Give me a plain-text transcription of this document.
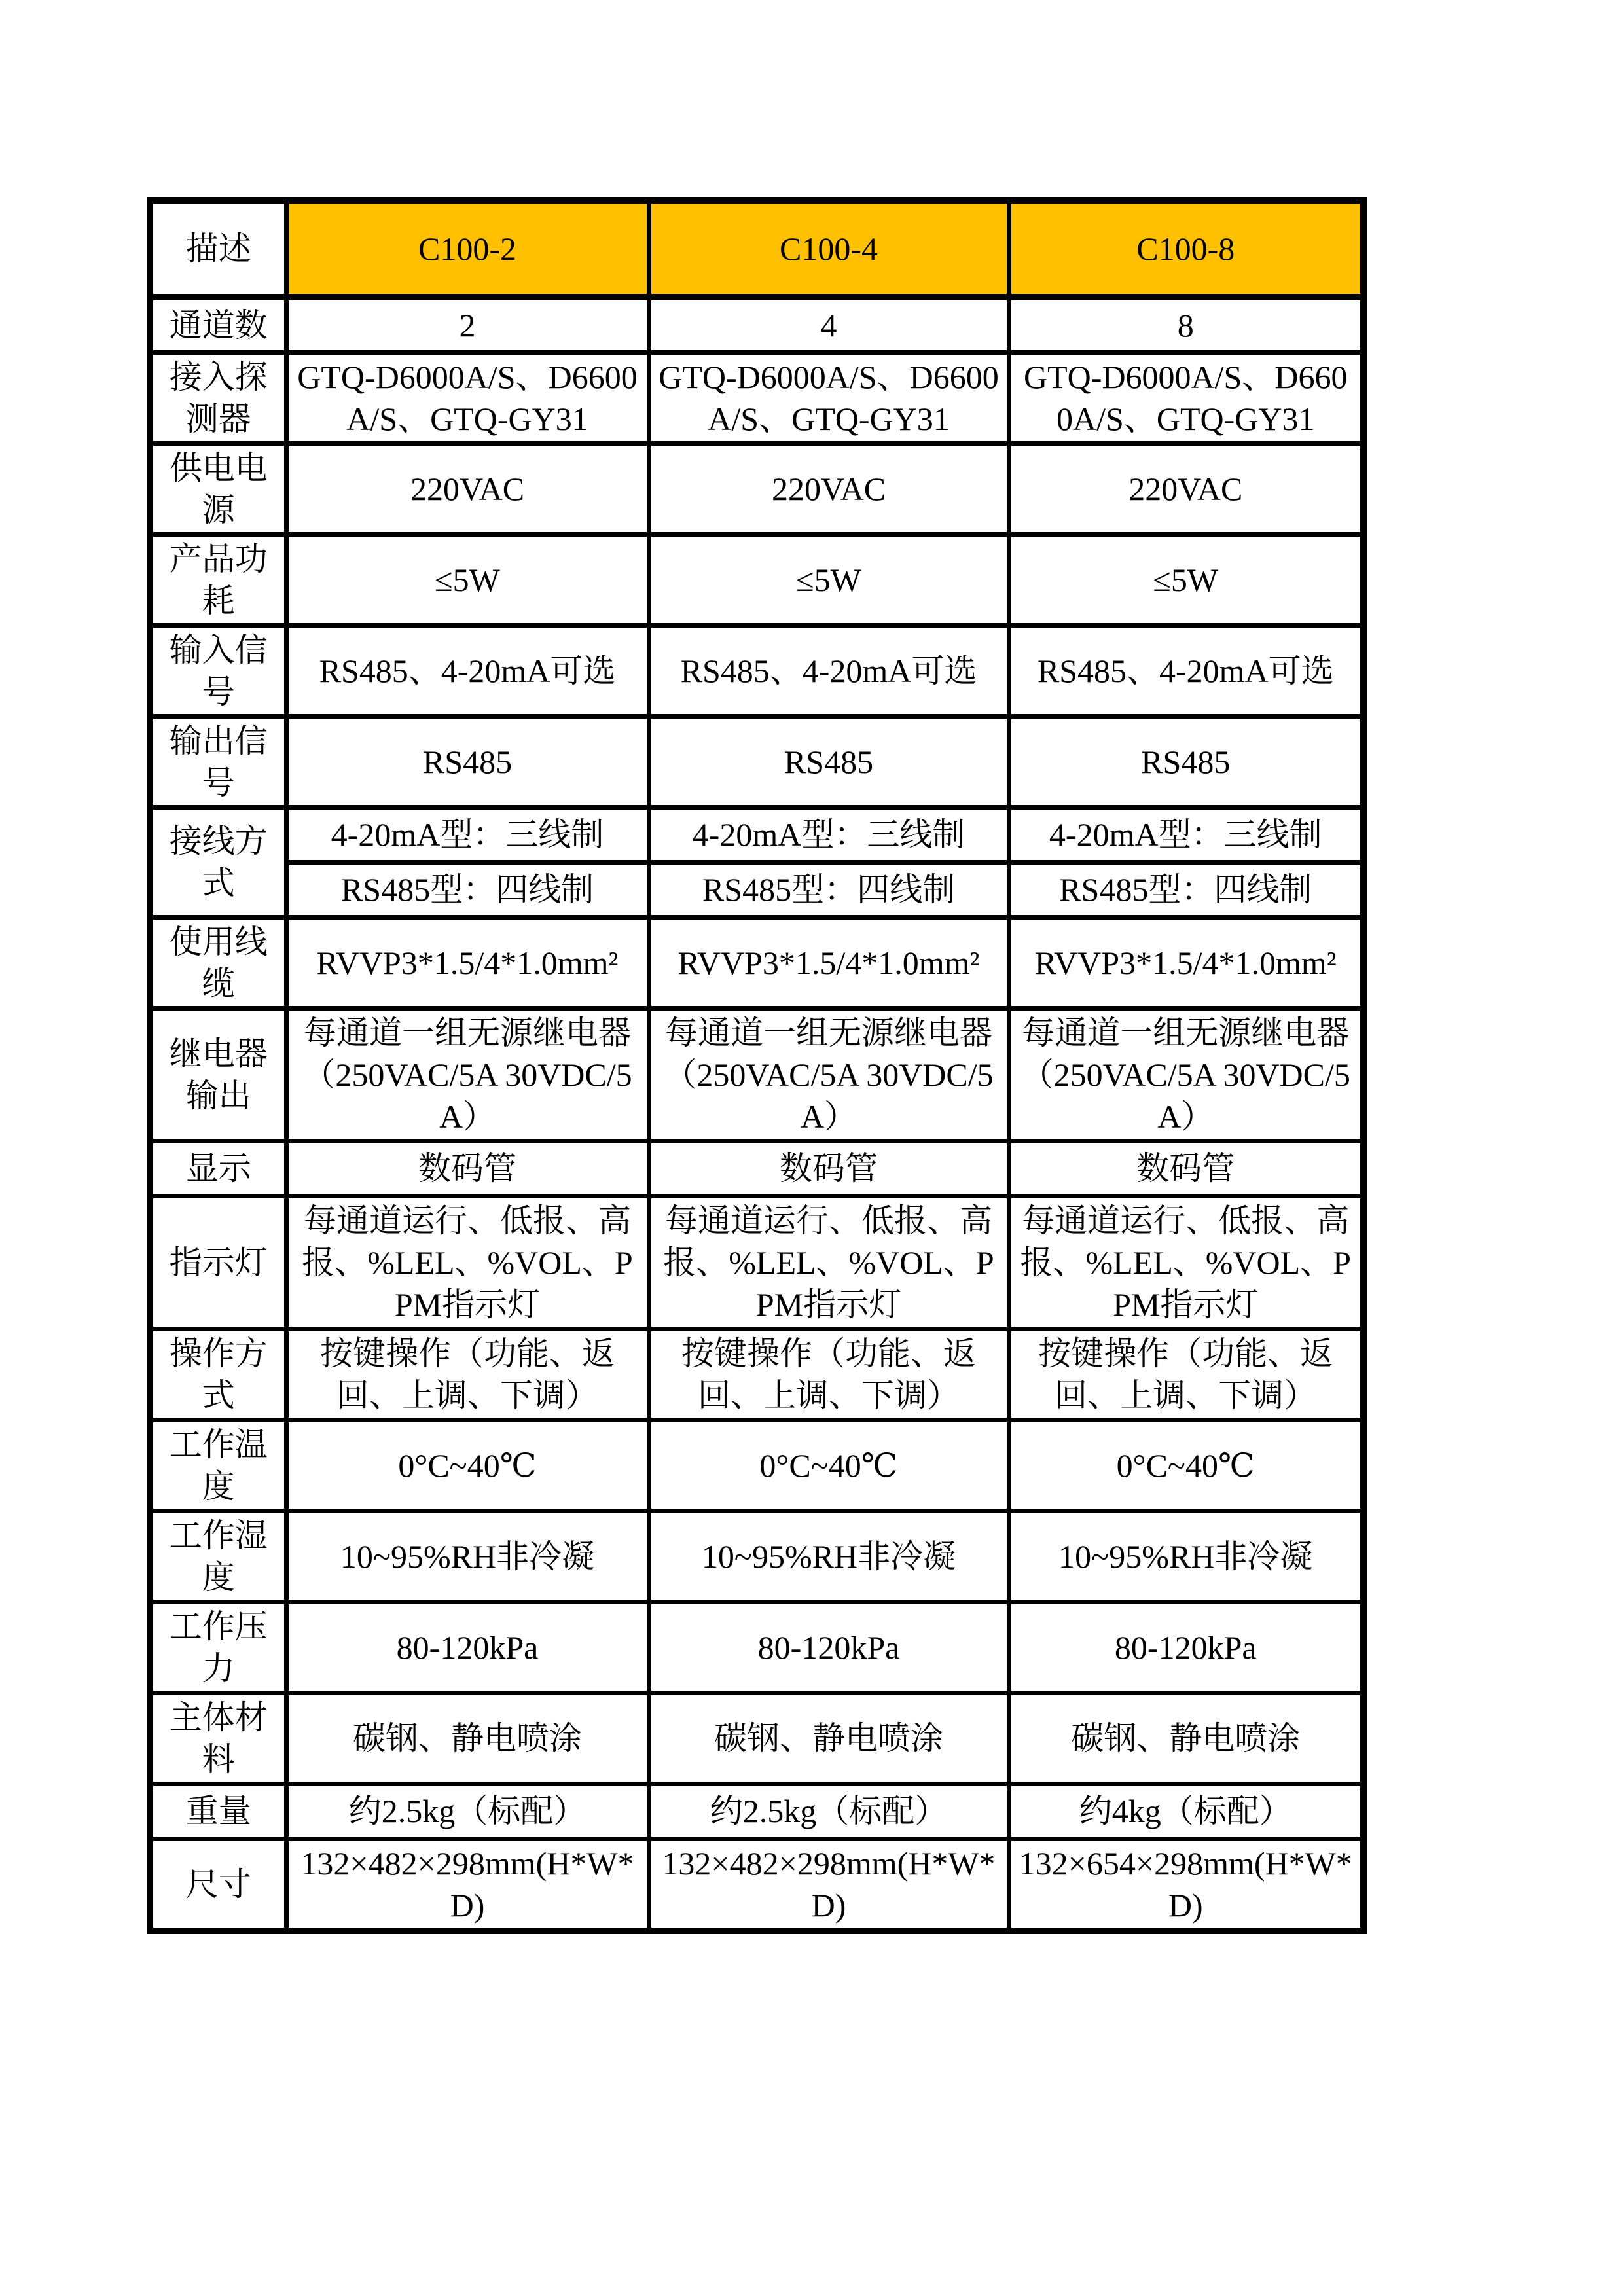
描述	C100-2	C100-4	C100-8
通道数	2	4	8
接入探测器	GTQ-D6000A/S、D6600A/S、GTQ-GY31	GTQ-D6000A/S、D6600A/S、GTQ-GY31	GTQ-D6000A/S、D6600A/S、GTQ-GY31
供电电源	220VAC	220VAC	220VAC
产品功耗	≤5W	≤5W	≤5W
输入信号	RS485、4-20mA可选	RS485、4-20mA可选	RS485、4-20mA可选
输出信号	RS485	RS485	RS485
接线方式	4-20mA型：三线制	4-20mA型：三线制	4-20mA型：三线制
	RS485型：四线制	RS485型：四线制	RS485型：四线制
使用线缆	RVVP3*1.5/4*1.0mm²	RVVP3*1.5/4*1.0mm²	RVVP3*1.5/4*1.0mm²
继电器输出	每通道一组无源继电器（250VAC/5A 30VDC/5A）	每通道一组无源继电器（250VAC/5A 30VDC/5A）	每通道一组无源继电器（250VAC/5A 30VDC/5A）
显示	数码管	数码管	数码管
指示灯	每通道运行、低报、高报、%LEL、%VOL、PPM指示灯	每通道运行、低报、高报、%LEL、%VOL、PPM指示灯	每通道运行、低报、高报、%LEL、%VOL、PPM指示灯
操作方式	按键操作（功能、返回、上调、下调）	按键操作（功能、返回、上调、下调）	按键操作（功能、返回、上调、下调）
工作温度	0°C~40℃	0°C~40℃	0°C~40℃
工作湿度	10~95%RH非冷凝	10~95%RH非冷凝	10~95%RH非冷凝
工作压力	80-120kPa	80-120kPa	80-120kPa
主体材料	碳钢、静电喷涂	碳钢、静电喷涂	碳钢、静电喷涂
重量	约2.5kg（标配）	约2.5kg（标配）	约4kg（标配）
尺寸	132×482×298mm(H*W*D)	132×482×298mm(H*W*D)	132×654×298mm(H*W*D)
